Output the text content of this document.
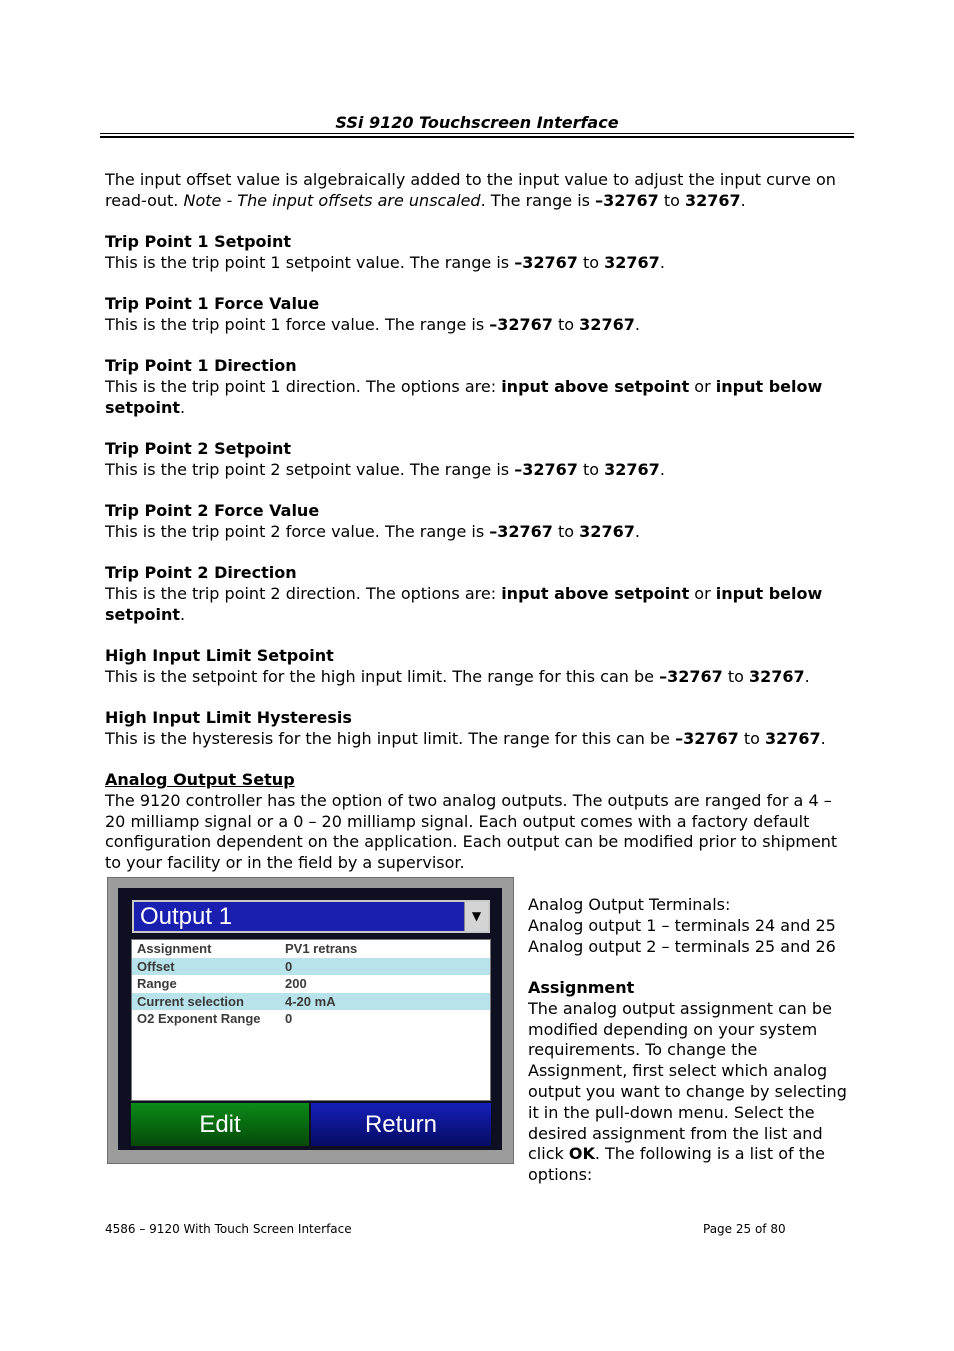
SSi 9120 Touchscreen Interface

The input offset value is algebraically added to the input value to adjust the input curve on read-out. Note - The input offsets are unscaled. The range is –32767 to 32767.

Trip Point 1 Setpoint

This is the trip point 1 setpoint value. The range is –32767 to 32767.

Trip Point 1 Force Value

This is the trip point 1 force value. The range is –32767 to 32767.

Trip Point 1 Direction

This is the trip point 1 direction. The options are: input above setpoint or input below setpoint.

Trip Point 2 Setpoint

This is the trip point 2 setpoint value. The range is –32767 to 32767.

Trip Point 2 Force Value

This is the trip point 2 force value. The range is –32767 to 32767.

Trip Point 2 Direction

This is the trip point 2 direction. The options are: input above setpoint or input below setpoint.

High Input Limit Setpoint

This is the setpoint for the high input limit. The range for this can be –32767 to 32767.

High Input Limit Hysteresis

This is the hysteresis for the high input limit. The range for this can be –32767 to 32767.

Analog Output Setup

The 9120 controller has the option of two analog outputs. The outputs are ranged for a 4 – 20 milliamp signal or a 0 – 20 milliamp signal. Each output comes with a factory default configuration dependent on the application. Each output can be modified prior to shipment to your facility or in the field by a supervisor.

Output 1	▼
Assignment	PV1 retrans
Offset	0
Range	200
Current selection	4-20 mA
O2 Exponent Range 0
Edit	Return

Analog Output Terminals:

Analog output 1 – terminals 24 and 25

Analog output 2 – terminals 25 and 26

Assignment

The analog output assignment can be modified depending on your system requirements. To change the Assignment, first select which analog output you want to change by selecting it in the pull-down menu. Select the desired assignment from the list and click OK. The following is a list of the options:

4586 – 9120 With Touch Screen Interface	Page 25 of 80
